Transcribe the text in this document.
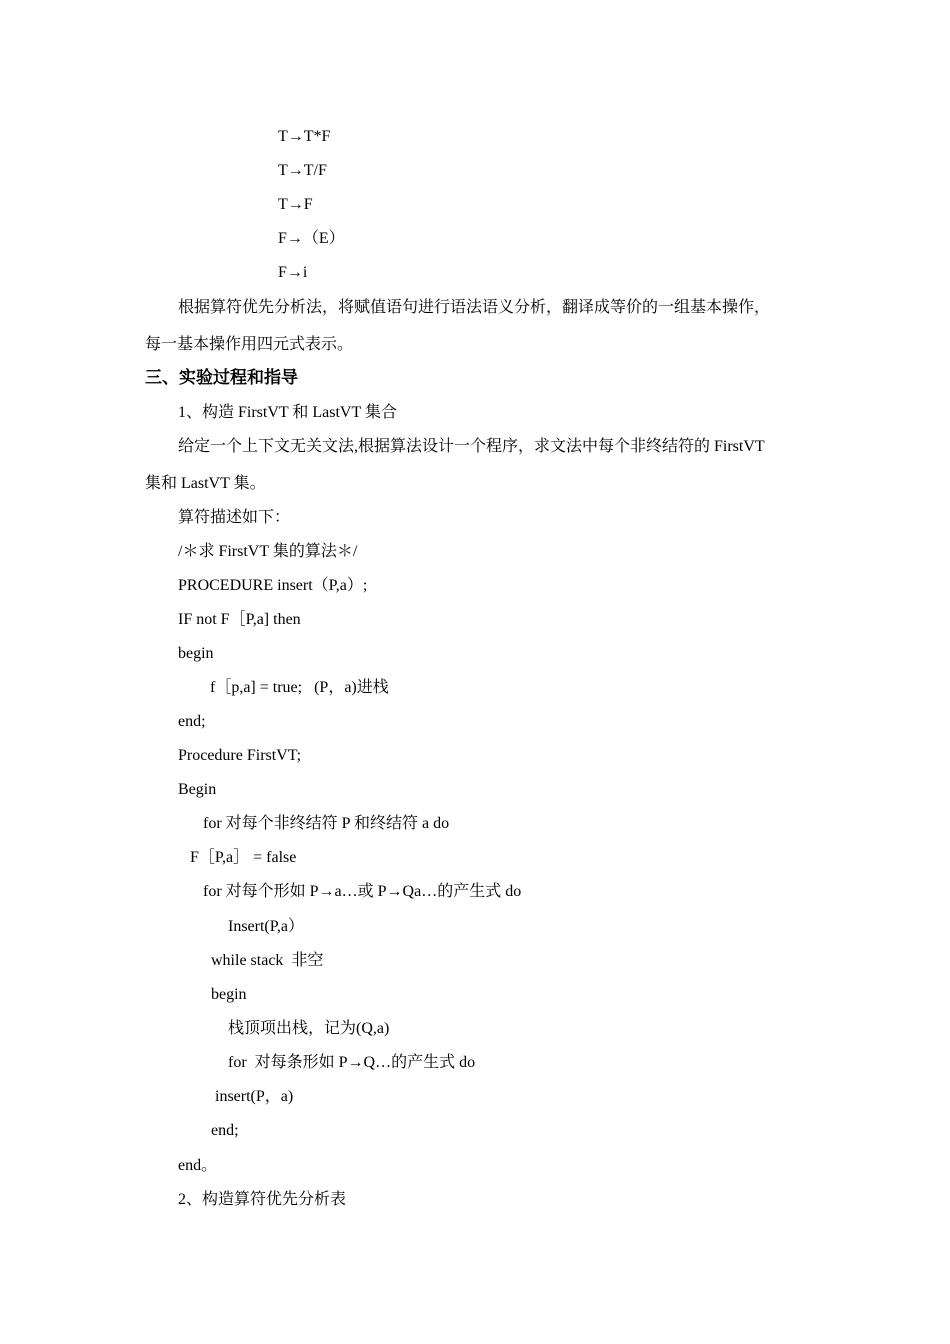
T→T*F
T→T/F
T→F
F→（E）
F→i
根据算符优先分析法，将赋值语句进行语法语义分析，翻译成等价的一组基本操作，
每一基本操作用四元式表示。
三、实验过程和指导
1、构造 FirstVT 和 LastVT 集合
给定一个上下文无关文法,根据算法设计一个程序，求文法中每个非终结符的 FirstVT
集和 LastVT 集。
算符描述如下：
/＊求 FirstVT 集的算法＊/
PROCEDURE insert（P,a）;
IF not F［P,a] then
begin
f［p,a] = true;   (P，a)进栈
end;
Procedure FirstVT;
Begin
for 对每个非终结符 P 和终结符 a do
F［P,a］ = false
for 对每个形如 P→a…或 P→Qa…的产生式 do
Insert(P,a）
while stack  非空
begin
栈顶项出栈，记为(Q,a)
for  对每条形如 P→Q…的产生式 do
insert(P，a)
end;
end。
2、构造算符优先分析表
